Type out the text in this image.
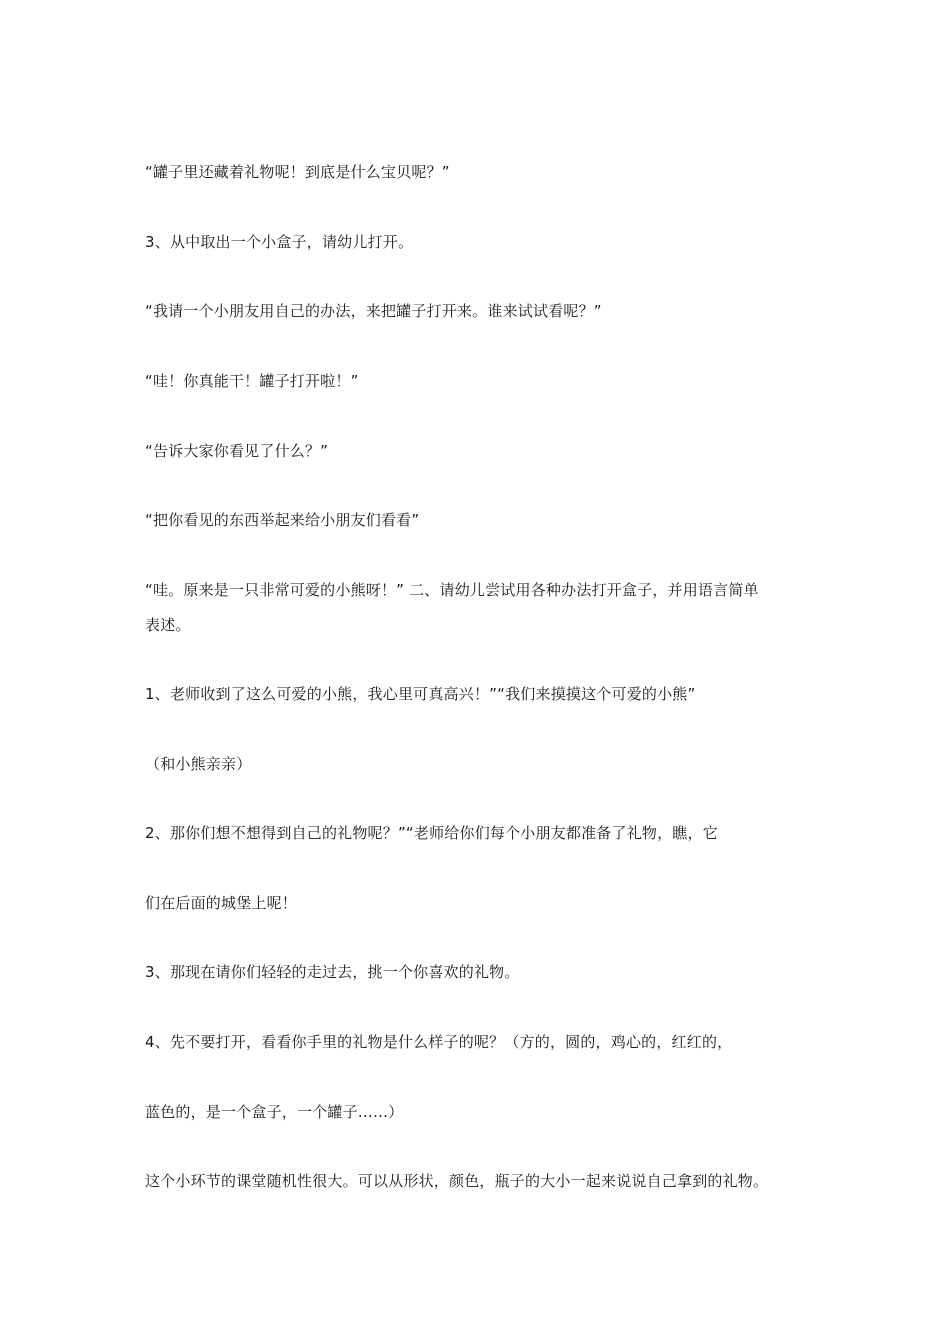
“罐子里还藏着礼物呢！到底是什么宝贝呢？”
3、从中取出一个小盒子，请幼儿打开。
“我请一个小朋友用自己的办法，来把罐子打开来。谁来试试看呢？”
“哇！你真能干！罐子打开啦！”
“告诉大家你看见了什么？”
“把你看见的东西举起来给小朋友们看看”
“哇。原来是一只非常可爱的小熊呀！” 二、请幼儿尝试用各种办法打开盒子，并用语言简单
表述。
1、老师收到了这么可爱的小熊，我心里可真高兴！”“我们来摸摸这个可爱的小熊”
（和小熊亲亲）
2、那你们想不想得到自己的礼物呢？”“老师给你们每个小朋友都准备了礼物，瞧，它
们在后面的城堡上呢！
3、那现在请你们轻轻的走过去，挑一个你喜欢的礼物。
4、先不要打开，看看你手里的礼物是什么样子的呢？（方的，圆的，鸡心的，红红的，
蓝色的，是一个盒子，一个罐子……）
这个小环节的课堂随机性很大。可以从形状，颜色，瓶子的大小一起来说说自己拿到的礼物。
